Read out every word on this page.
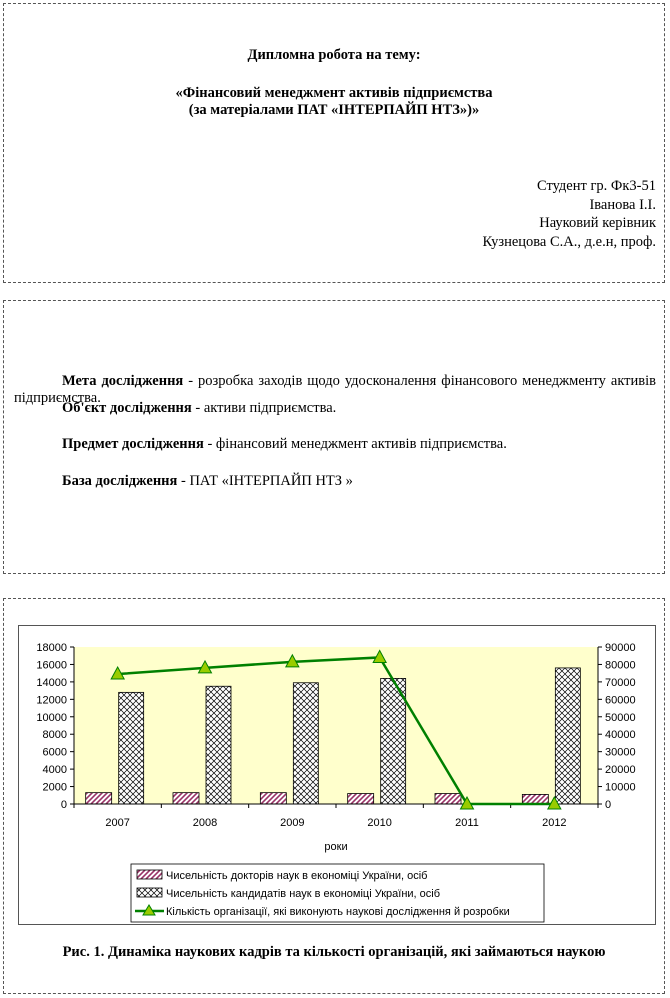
Дипломна робота на тему:
«Фінансовий менеджмент активів підприємства
(за матеріалами ПАТ «ІНТЕРПАЙП НТЗ»)»
Студент гр. Фк3-51
Іванова І.І.
Науковий керівник
Кузнецова С.А., д.е.н, проф.
Мета дослідження - розробка заходів щодо удосконалення фінансового менеджменту активів підприємства.
Об'єкт дослідження - активи підприємства.
Предмет дослідження - фінансовий менеджмент активів підприємства.
База дослідження - ПАТ «ІНТЕРПАЙП НТЗ »
0
2000
4000
6000
8000
10000
12000
14000
16000
18000
0
10000
20000
30000
40000
50000
60000
70000
80000
90000
2007	2008	2009	2010	2011	2012
роки
Чисельність докторів наук в економіці України, осіб
Чисельність кандидатів наук в економіці України, осіб
Кількість організації, які виконують наукові дослідження й розробки
Рис. 1. Динаміка наукових кадрів та кількості організацій, які займаються наукою
